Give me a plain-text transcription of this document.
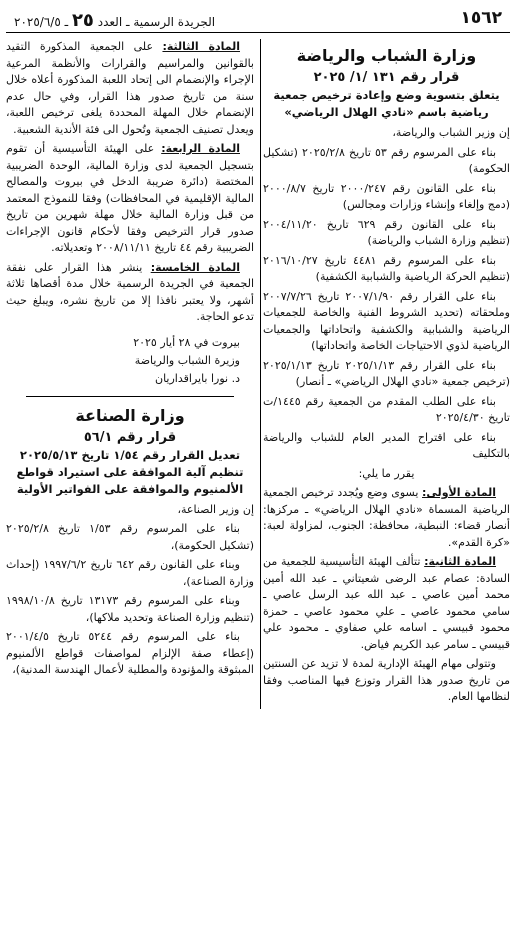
١٥٦٢
الجريدة الرسمية ـ العدد ٢٥ ـ ٢٠٢٥/٦/٥
وزارة الشباب والرياضة
قرار رقم ١٣١ /١/ ٢٠٢٥
يتعلق بتسوية وضع وإعادة ترخيص جمعية رياضية باسم «نادي الهلال الرياضي»

إن وزير الشباب والرياضة،

بناء على المرسوم رقم ٥٣ تاريخ ٢٠٢٥/٢/٨ (تشكيل الحكومة)

بناء على القانون رقم ٢٠٠٠/٢٤٧ تاريخ ٢٠٠٠/٨/٧ (دمج وإلغاء وإنشاء وزارات ومجالس)

بناء على القانون رقم ٦٢٩ تاريخ ٢٠٠٤/١١/٢٠ (تنظيم وزارة الشباب والرياضة)

بناء على المرسوم رقم ٤٤٨١ تاريخ ٢٠١٦/١٠/٢٧ (تنظيم الحركة الرياضية والشبابية الكشفية)

بناء على القرار رقم ٢٠٠٧/١/٩٠ تاريخ ٢٠٠٧/٧/٢٦ وملحقاته (تحديد الشروط الفنية والخاصة للجمعيات الرياضية والشبابية والكشفية واتحاداتها والجمعيات الرياضية لذوي الاحتياجات الخاصة واتحاداتها)

بناء على القرار رقم ٢٠٢٥/١/١٣ تاريخ ٢٠٢٥/١/١٣ (ترخيص جمعية «نادي الهلال الرياضي» ـ أنصار)

بناء على الطلب المقدم من الجمعية رقم ١٤٤٥/ت تاريخ ٢٠٢٥/٤/٣٠

بناء على اقتراح المدير العام للشباب والرياضة بالتكليف

يقرر ما يلي:

المادة الأولى: يسوى وضع ويُجدد ترخيص الجمعية الرياضية المسماة «نادي الهلال الرياضي» ـ مركزها: أنصار قضاء: النبطية، محافظة: الجنوب، لمزاولة لعبة: «كرة القدم».

المادة الثانية: تتألف الهيئة التأسيسية للجمعية من السادة: عصام عبد الرضى شعيتاني ـ عبد الله أمين محمد أمين عاصي ـ عبد الله عبد الرسل عاصي ـ سامي محمود عاصي ـ علي محمود عاصي ـ حمزة محمود قبيسي ـ اسامه علي صفاوي ـ محمود علي قبيسي ـ سامر عبد الكريم فياض.

وتتولى مهام الهيئة الإدارية لمدة لا تزيد عن السنتين من تاريخ صدور هذا القرار وتوزع فيها المناصب وفقا لنظامها العام.

المادة الثالثة: على الجمعية المذكورة التقيد بالقوانين والمراسيم والقرارات والأنظمة المرعية الإجراء والإنضمام الى إتحاد اللعبة المذكورة أعلاه خلال سنة من تاريخ صدور هذا القرار، وفي حال عدم الإنضمام خلال المهلة المحددة يلغى ترخيص اللعبة، ويعدل تصنيف الجمعية وتُحول الى فئة الأندية الشعبية.

المادة الرابعة: على الهيئة التأسيسية أن تقوم بتسجيل الجمعية لدى وزارة المالية، الوحدة الضريبية المختصة (دائرة ضريبة الدخل في بيروت والمصالح المالية الإقليمية في المحافظات) وفقا للنموذج المعتمد من قبل وزارة المالية خلال مهلة شهرين من تاريخ صدور قرار الترخيص وفقا لأحكام قانون الإجراءات الضريبية رقم ٤٤ تاريخ ٢٠٠٨/١١/١١ وتعديلاته.

المادة الخامسة: ينشر هذا القرار على نفقة الجمعية في الجريدة الرسمية خلال مدة أقصاها ثلاثة أشهر، ولا يعتبر نافذا إلا من تاريخ نشره، ويبلغ حيث تدعو الحاجة.

بيروت في ٢٨ أيار ٢٠٢٥
وزيرة الشباب والرياضة
د. نورا بايراقداريان
وزارة الصناعة
قرار رقم ٥٦/١
تعديل القرار رقم ١/٥٤ تاريخ ٢٠٢٥/٥/١٣ تنظيم آلية الموافقة على استيراد قواطع الألمنيوم والموافقة على الفواتير الأولية

إن وزير الصناعة،

بناء على المرسوم رقم ١/٥٣ تاريخ ٢٠٢٥/٢/٨ (تشكيل الحكومة)،

وبناء على القانون رقم ٦٤٢ تاريخ ١٩٩٧/٦/٢ (إحداث وزارة الصناعة)،

وبناء على المرسوم رقم ١٣١٧٣ تاريخ ١٩٩٨/١٠/٨ (تنظيم وزارة الصناعة وتحديد ملاكها)،

بناء على المرسوم رقم ٥٢٤٤ تاريخ ٢٠٠١/٤/٥ (إعطاء صفة الإلزام لمواصفات قواطع الألمنيوم المبثوقة والمؤنودة والمطلية لأعمال الهندسة المدنية)،
